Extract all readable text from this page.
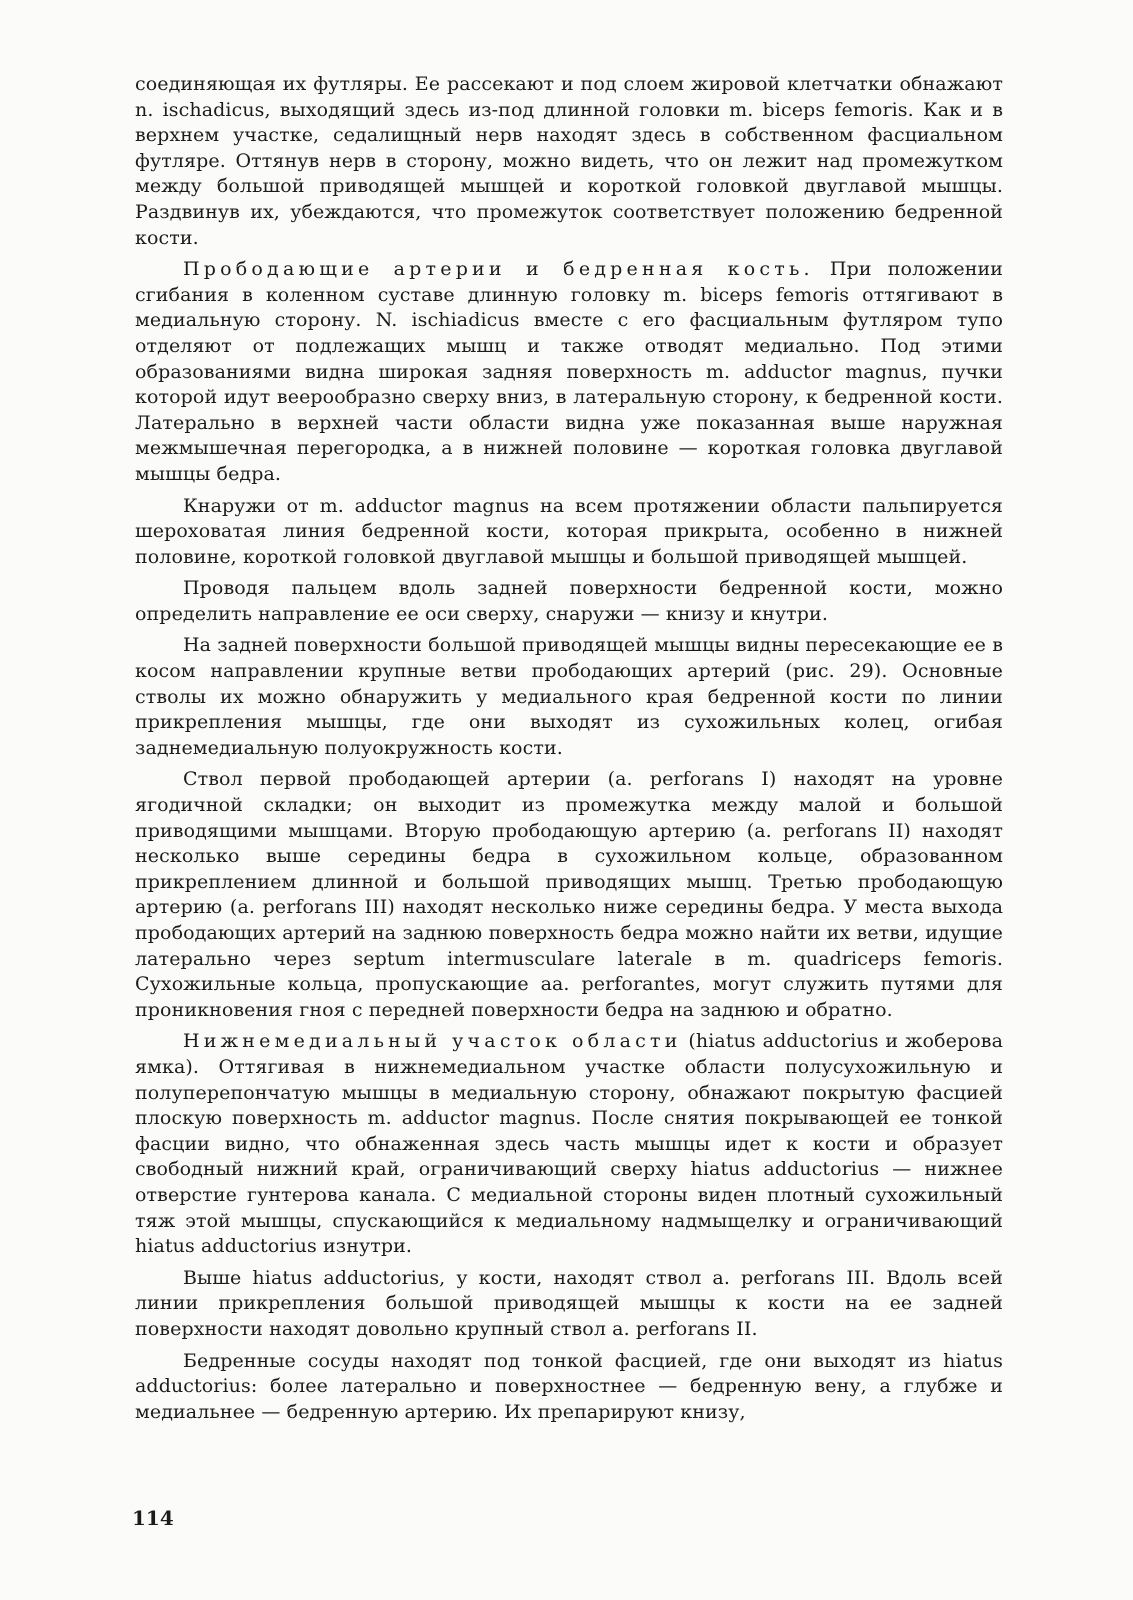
соединяющая их футляры. Ее рассекают и под слоем жировой клетчатки обнажают n. ischadicus, выходящий здесь из-под длинной головки m. biceps femoris. Как и в верхнем участке, седалищный нерв находят здесь в собственном фасциальном футляре. Оттянув нерв в сторону, можно видеть, что он лежит над промежутком между большой приводящей мышцей и короткой головкой двуглавой мышцы. Раздвинув их, убеждаются, что промежуток соответствует положению бедренной кости.

Прободающие артерии и бедренная кость. При положении сгибания в коленном суставе длинную головку m. biceps femoris оттягивают в медиальную сторону. N. ischiadicus вместе с его фасциальным футляром тупо отделяют от подлежащих мышц и также отводят медиально. Под этими образованиями видна широкая задняя поверхность m. adductor magnus, пучки которой идут веерообразно сверху вниз, в латеральную сторону, к бедренной кости. Латерально в верхней части области видна уже показанная выше наружная межмышечная перегородка, а в нижней половине — короткая головка двуглавой мышцы бедра.

Кнаружи от m. adductor magnus на всем протяжении области пальпируется шероховатая линия бедренной кости, которая прикрыта, особенно в нижней половине, короткой головкой двуглавой мышцы и большой приводящей мышцей.

Проводя пальцем вдоль задней поверхности бедренной кости, можно определить направление ее оси сверху, снаружи — книзу и кнутри.

На задней поверхности большой приводящей мышцы видны пересекающие ее в косом направлении крупные ветви прободающих артерий (рис. 29). Основные стволы их можно обнаружить у медиального края бедренной кости по линии прикрепления мышцы, где они выходят из сухожильных колец, огибая заднемедиальную полуокружность кости.

Ствол первой прободающей артерии (a. perforans I) находят на уровне ягодичной складки; он выходит из промежутка между малой и большой приводящими мышцами. Вторую прободающую артерию (a. perforans II) находят несколько выше середины бедра в сухожильном кольце, образованном прикреплением длинной и большой приводящих мышц. Третью прободающую артерию (a. perforans III) находят несколько ниже середины бедра. У места выхода прободающих артерий на заднюю поверхность бедра можно найти их ветви, идущие латерально через septum intermusculare laterale в m. quadriceps femoris. Сухожильные кольца, пропускающие aa. perforantes, могут служить путями для проникновения гноя с передней поверхности бедра на заднюю и обратно.

Нижнемедиальный участок области (hiatus adductorius и жоберова ямка). Оттягивая в нижнемедиальном участке области полусухожильную и полуперепончатую мышцы в медиальную сторону, обнажают покрытую фасцией плоскую поверхность m. adductor magnus. После снятия покрывающей ее тонкой фасции видно, что обнаженная здесь часть мышцы идет к кости и образует свободный нижний край, ограничивающий сверху hiatus adductorius — нижнее отверстие гунтерова канала. С медиальной стороны виден плотный сухожильный тяж этой мышцы, спускающийся к медиальному надмыщелку и ограничивающий hiatus adductorius изнутри.

Выше hiatus adductorius, у кости, находят ствол a. perforans III. Вдоль всей линии прикрепления большой приводящей мышцы к кости на ее задней поверхности находят довольно крупный ствол a. perforans II.

Бедренные сосуды находят под тонкой фасцией, где они выходят из hiatus adductorius: более латерально и поверхностнее — бедренную вену, а глубже и медиальнее — бедренную артерию. Их препарируют книзу,

114
